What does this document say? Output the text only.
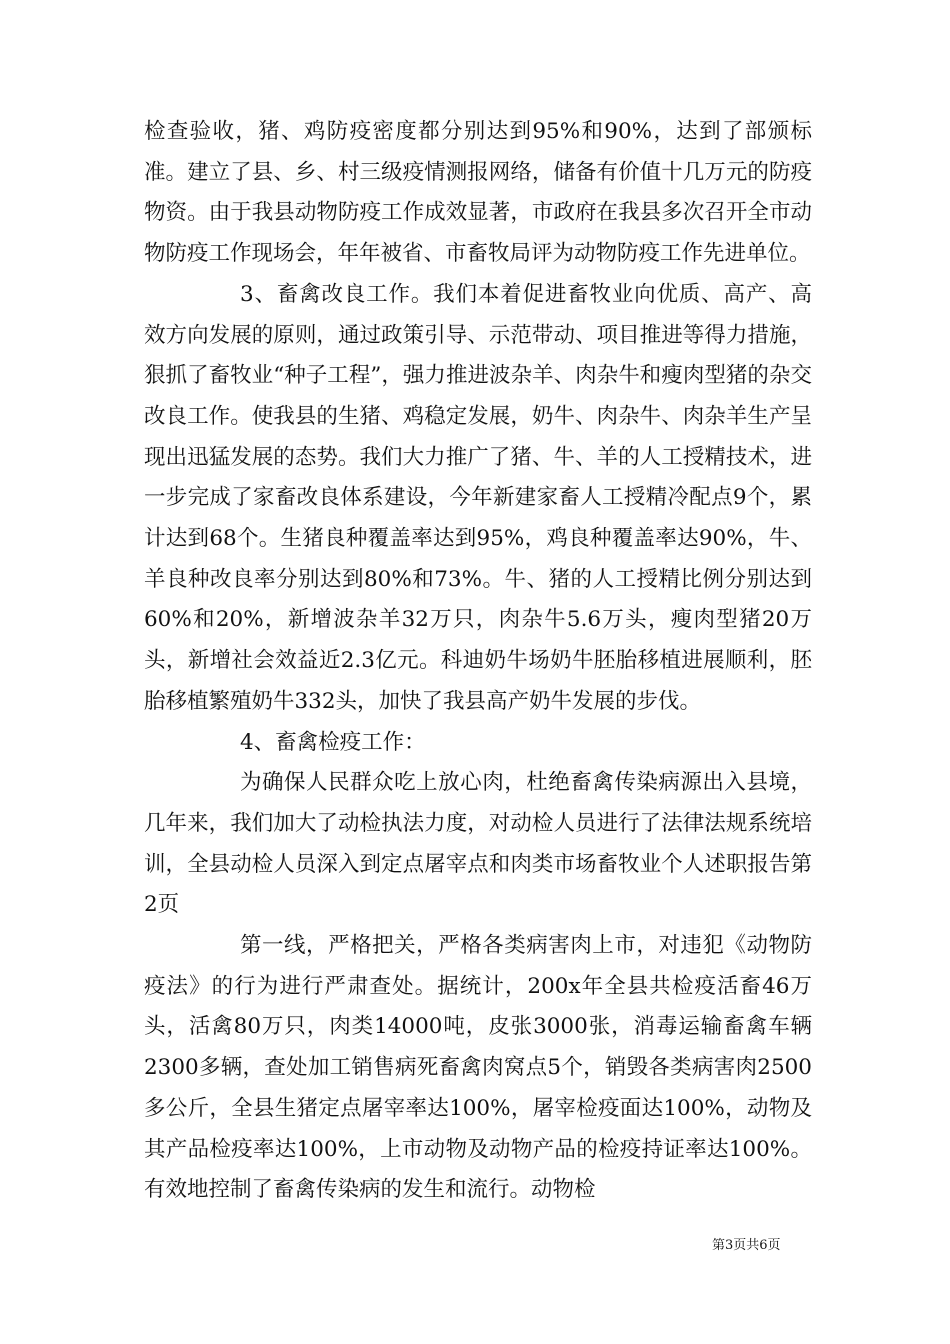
检查验收，猪、鸡防疫密度都分别达到95%和90%，达到了部颁标准。建立了县、乡、村三级疫情测报网络，储备有价值十几万元的防疫物资。由于我县动物防疫工作成效显著，市政府在我县多次召开全市动物防疫工作现场会，年年被省、市畜牧局评为动物防疫工作先进单位。

3、畜禽改良工作。我们本着促进畜牧业向优质、高产、高效方向发展的原则，通过政策引导、示范带动、项目推进等得力措施，狠抓了畜牧业“种子工程”，强力推进波杂羊、肉杂牛和瘦肉型猪的杂交改良工作。使我县的生猪、鸡稳定发展，奶牛、肉杂牛、肉杂羊生产呈现出迅猛发展的态势。我们大力推广了猪、牛、羊的人工授精技术，进一步完成了家畜改良体系建设，今年新建家畜人工授精冷配点9个，累计达到68个。生猪良种覆盖率达到95%，鸡良种覆盖率达90%，牛、羊良种改良率分别达到80%和73%。牛、猪的人工授精比例分别达到60%和20%，新增波杂羊32万只，肉杂牛5.6万头，瘦肉型猪20万头，新增社会效益近2.3亿元。科迪奶牛场奶牛胚胎移植进展顺利，胚胎移植繁殖奶牛332头，加快了我县高产奶牛发展的步伐。

4、畜禽检疫工作：

为确保人民群众吃上放心肉，杜绝畜禽传染病源出入县境，几年来，我们加大了动检执法力度，对动检人员进行了法律法规系统培训，全县动检人员深入到定点屠宰点和肉类市场畜牧业个人述职报告第2页

第一线，严格把关，严格各类病害肉上市，对违犯《动物防疫法》的行为进行严肃查处。据统计，200x年全县共检疫活畜46万头，活禽80万只，肉类14000吨，皮张3000张，消毒运输畜禽车辆2300多辆，查处加工销售病死畜禽肉窝点5个，销毁各类病害肉2500多公斤，全县生猪定点屠宰率达100%，屠宰检疫面达100%，动物及其产品检疫率达100%，上市动物及动物产品的检疫持证率达100%。有效地控制了畜禽传染病的发生和流行。动物检

第3页共6页
